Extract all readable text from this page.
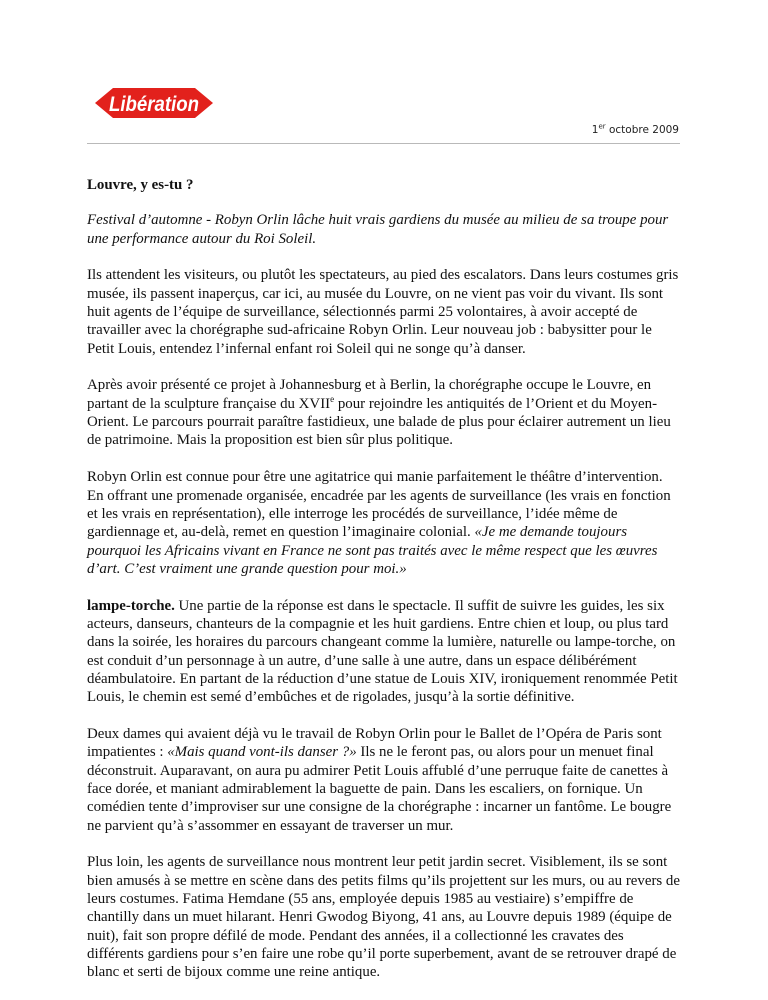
Libération
1er octobre 2009

Louvre, y es-tu ?

Festival d’automne - Robyn Orlin lâche huit vrais gardiens du musée au milieu de sa troupe pour une performance autour du Roi Soleil.

Ils attendent les visiteurs, ou plutôt les spectateurs, au pied des escalators. Dans leurs costumes gris musée, ils passent inaperçus, car ici, au musée du Louvre, on ne vient pas voir du vivant. Ils sont huit agents de l’équipe de surveillance, sélectionnés parmi 25 volontaires, à avoir accepté de travailler avec la chorégraphe sud-africaine Robyn Orlin. Leur nouveau job : babysitter pour le Petit Louis, entendez l’infernal enfant roi Soleil qui ne songe qu’à danser.

Après avoir présenté ce projet à Johannesburg et à Berlin, la chorégraphe occupe le Louvre, en partant de la sculpture française du XVIIe pour rejoindre les antiquités de l’Orient et du Moyen-Orient. Le parcours pourrait paraître fastidieux, une balade de plus pour éclairer autrement un lieu de patrimoine. Mais la proposition est bien sûr plus politique.

Robyn Orlin est connue pour être une agitatrice qui manie parfaitement le théâtre d’intervention. En offrant une promenade organisée, encadrée par les agents de surveillance (les vrais en fonction et les vrais en représentation), elle interroge les procédés de surveillance, l’idée même de gardiennage et, au-delà, remet en question l’imaginaire colonial. «Je me demande toujours pourquoi les Africains vivant en France ne sont pas traités avec le même respect que les œuvres d’art. C’est vraiment une grande question pour moi.»

lampe-torche. Une partie de la réponse est dans le spectacle. Il suffit de suivre les guides, les six acteurs, danseurs, chanteurs de la compagnie et les huit gardiens. Entre chien et loup, ou plus tard dans la soirée, les horaires du parcours changeant comme la lumière, naturelle ou lampe-torche, on est conduit d’un personnage à un autre, d’une salle à une autre, dans un espace délibérément déambulatoire. En partant de la réduction d’une statue de Louis XIV, ironiquement renommée Petit Louis, le chemin est semé d’embûches et de rigolades, jusqu’à la sortie définitive.

Deux dames qui avaient déjà vu le travail de Robyn Orlin pour le Ballet de l’Opéra de Paris sont impatientes : «Mais quand vont-ils danser ?» Ils ne le feront pas, ou alors pour un menuet final déconstruit. Auparavant, on aura pu admirer Petit Louis affublé d’une perruque faite de canettes à face dorée, et maniant admirablement la baguette de pain. Dans les escaliers, on fornique. Un comédien tente d’improviser sur une consigne de la chorégraphe : incarner un fantôme. Le bougre ne parvient qu’à s’assommer en essayant de traverser un mur.

Plus loin, les agents de surveillance nous montrent leur petit jardin secret. Visiblement, ils se sont bien amusés à se mettre en scène dans des petits films qu’ils projettent sur les murs, ou au revers de leurs costumes. Fatima Hemdane (55 ans, employée depuis 1985 au vestiaire) s’empiffre de chantilly dans un muet hilarant. Henri Gwodog Biyong, 41 ans, au Louvre depuis 1989 (équipe de nuit), fait son propre défilé de mode. Pendant des années, il a collectionné les cravates des différents gardiens pour s’en faire une robe qu’il porte superbement, avant de se retrouver drapé de blanc et serti de bijoux comme une reine antique.
